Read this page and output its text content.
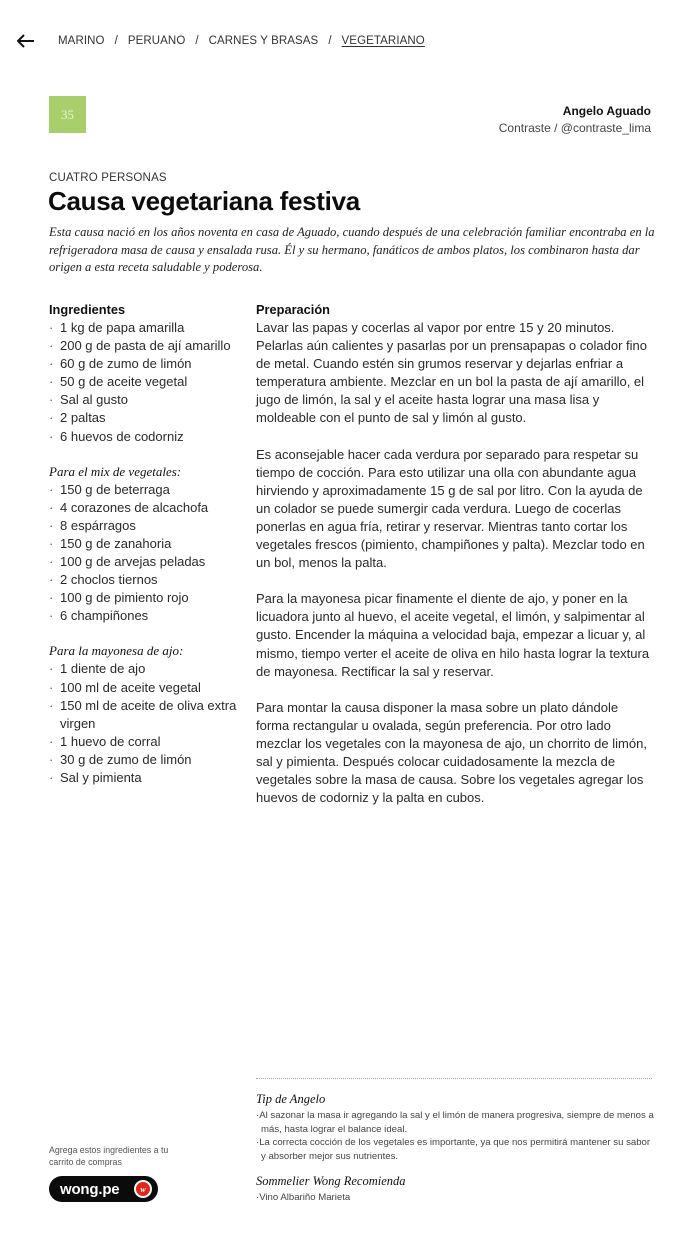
MARINO / PERUANO / CARNES Y BRASAS / VEGETARIANO
35	Angelo Aguado
Contraste / @contraste_lima
CUATRO PERSONAS
Causa vegetariana festiva
Esta causa nació en los años noventa en casa de Aguado, cuando después de una celebración familiar encontraba en la refrigeradora masa de causa y ensalada rusa. Él y su hermano, fanáticos de ambos platos, los combinaron hasta dar origen a esta receta saludable y poderosa.
Ingredientes
· 1 kg de papa amarilla
· 200 g de pasta de ají amarillo
· 60 g de zumo de limón
· 50 g de aceite vegetal
· Sal al gusto
· 2 paltas
· 6 huevos de codorniz
Para el mix de vegetales:
· 150 g de beterraga
· 4 corazones de alcachofa
· 8 espárragos
· 150 g de zanahoria
· 100 g de arvejas peladas
· 2 choclos tiernos
· 100 g de pimiento rojo
· 6 champiñones
Para la mayonesa de ajo:
· 1 diente de ajo
· 100 ml de aceite vegetal
· 150 ml de aceite de oliva extra virgen
· 1 huevo de corral
· 30 g de zumo de limón
· Sal y pimienta
Preparación

Lavar las papas y cocerlas al vapor por entre 15 y 20 minutos. Pelarlas aún calientes y pasarlas por un prensapapas o colador fino de metal. Cuando estén sin grumos reservar y dejarlas enfriar a temperatura ambiente. Mezclar en un bol la pasta de ají amarillo, el jugo de limón, la sal y el aceite hasta lograr una masa lisa y moldeable con el punto de sal y limón al gusto.

Es aconsejable hacer cada verdura por separado para respetar su tiempo de cocción. Para esto utilizar una olla con abundante agua hirviendo y aproximadamente 15 g de sal por litro. Con la ayuda de un colador se puede sumergir cada verdura. Luego de cocerlas ponerlas en agua fría, retirar y reservar. Mientras tanto cortar los vegetales frescos (pimiento, champiñones y palta). Mezclar todo en un bol, menos la palta.

Para la mayonesa picar finamente el diente de ajo, y poner en la licuadora junto al huevo, el aceite vegetal, el limón, y salpimentar al gusto. Encender la máquina a velocidad baja, empezar a licuar y, al mismo, tiempo verter el aceite de oliva en hilo hasta lograr la textura de mayonesa. Rectificar la sal y reservar.

Para montar la causa disponer la masa sobre un plato dándole forma rectangular u ovalada, según preferencia. Por otro lado mezclar los vegetales con la mayonesa de ajo, un chorrito de limón, sal y pimienta. Después colocar cuidadosamente la mezcla de vegetales sobre la masa de causa. Sobre los vegetales agregar los huevos de codorniz y la palta en cubos.

Tip de Angelo
·Al sazonar la masa ir agregando la sal y el limón de manera progresiva, siempre de menos a más, hasta lograr el balance ideal.
·La correcta cocción de los vegetales es importante, ya que nos permitirá mantener su sabor y absorber mejor sus nutrientes.
Sommelier Wong Recomienda
·Vino Albariño Marieta
Agrega estos ingredientes a tu carrito de compras
wong.pe	w
